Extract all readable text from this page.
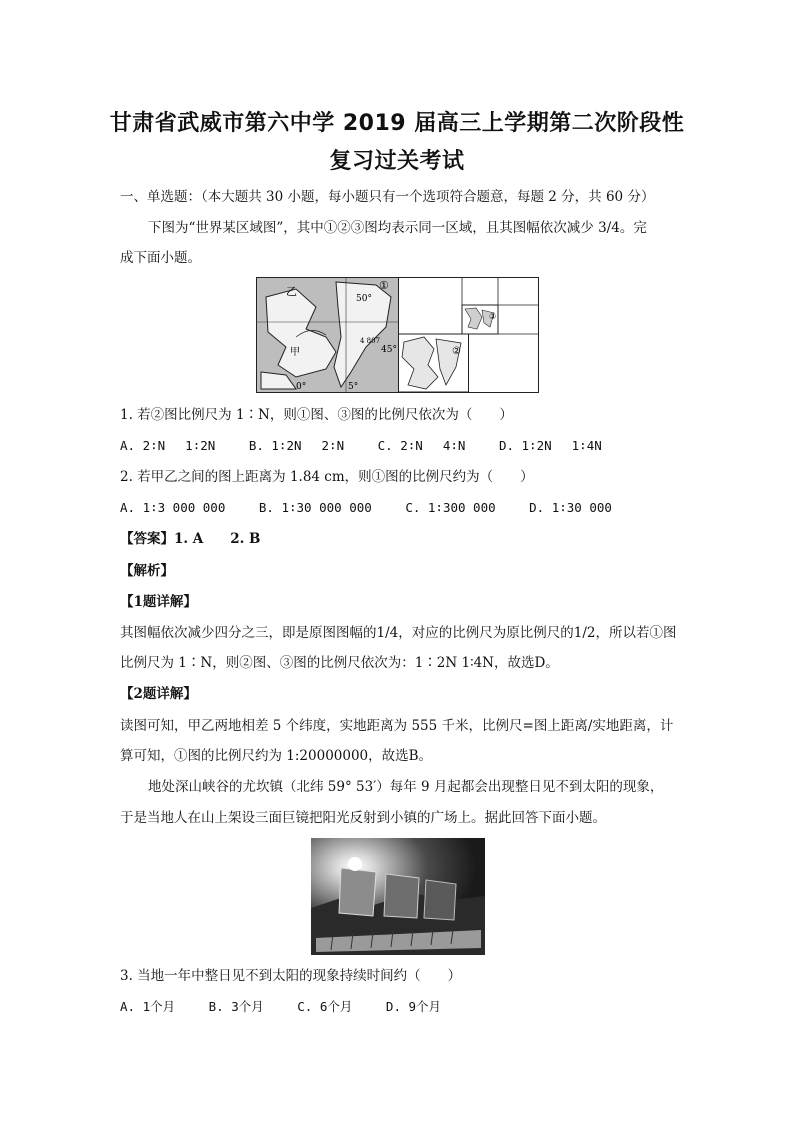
甘肃省武威市第六中学 2019 届高三上学期第二次阶段性
复习过关考试
一、单选题：（本大题共 30 小题，每小题只有一个选项符合题意，每题 2 分，共 60 分）
下图为“世界某区域图”，其中①②③图均表示同一区域，且其图幅依次减少 3/4。完
成下面小题。
乙
甲
50°
45°
4 807
0°	5°
①
②
③
1. 若②图比例尺为 1∶N，则①图、③图的比例尺依次为（　　）
A. 2∶N　 1∶2N	B. 1∶2N　 2∶N	C. 2∶N　 4∶N	D. 1∶2N　 1∶4N
2. 若甲乙之间的图上距离为 1.84 cm，则①图的比例尺约为（　　）
A. 1∶3 000 000	B. 1∶30 000 000	C. 1∶300 000	D. 1∶30 000
【答案】1. A　　2. B
【解析】
【1题详解】
其图幅依次减少四分之三，即是原图图幅的1/4，对应的比例尺为原比例尺的1/2，所以若①图
比例尺为 1∶N，则②图、③图的比例尺依次为：1∶2N 1∶4N，故选D。
【2题详解】
读图可知，甲乙两地相差 5 个纬度，实地距离为 555 千米，比例尺=图上距离/实地距离，计
算可知，①图的比例尺约为 1:20000000，故选B。
地处深山峡谷的尤坎镇（北纬 59° 53′）每年 9 月起都会出现整日见不到太阳的现象，
于是当地人在山上架设三面巨镜把阳光反射到小镇的广场上。据此回答下面小题。
3. 当地一年中整日见不到太阳的现象持续时间约（　　）
A. 1个月	B. 3个月	C. 6个月	D. 9个月
